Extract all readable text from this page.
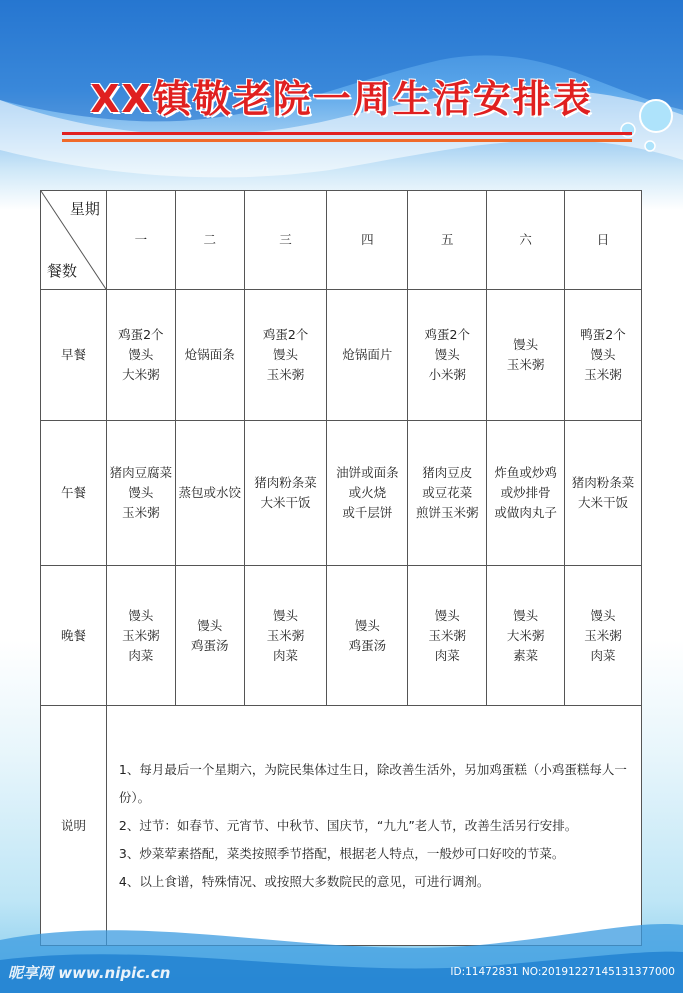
XX镇敬老院一周生活安排表
星期
餐数	一	二	三	四	五	六	日
早餐	鸡蛋2个
馒头
大米粥	炝锅面条	鸡蛋2个
馒头
玉米粥	炝锅面片	鸡蛋2个
馒头
小米粥	馒头
玉米粥	鸭蛋2个
馒头
玉米粥

午餐	猪肉豆腐菜
馒头
玉米粥	蒸包或水饺	猪肉粉条菜
大米干饭	油饼或面条
或火烧
或千层饼	猪肉豆皮
或豆花菜
煎饼玉米粥	炸鱼或炒鸡
或炒排骨
或做肉丸子	猪肉粉条菜
大米干饭

晚餐	馒头
玉米粥
肉菜	馒头
鸡蛋汤	馒头
玉米粥
肉菜	馒头
鸡蛋汤	馒头
玉米粥
肉菜	馒头
大米粥
素菜	馒头
玉米粥
肉菜

说明	1、每月最后一个星期六，为院民集体过生日，除改善生活外，另加鸡蛋糕（小鸡蛋糕每人一份）。

2、过节：如春节、元宵节、中秋节、国庆节，“九九”老人节，改善生活另行安排。

3、炒菜荤素搭配，菜类按照季节搭配，根据老人特点，一般炒可口好咬的节菜。

4、以上食谱，特殊情况、或按照大多数院民的意见，可进行调剂。						

昵享网 www.nipic.cn	ID:11472831 NO:20191227145131377000
